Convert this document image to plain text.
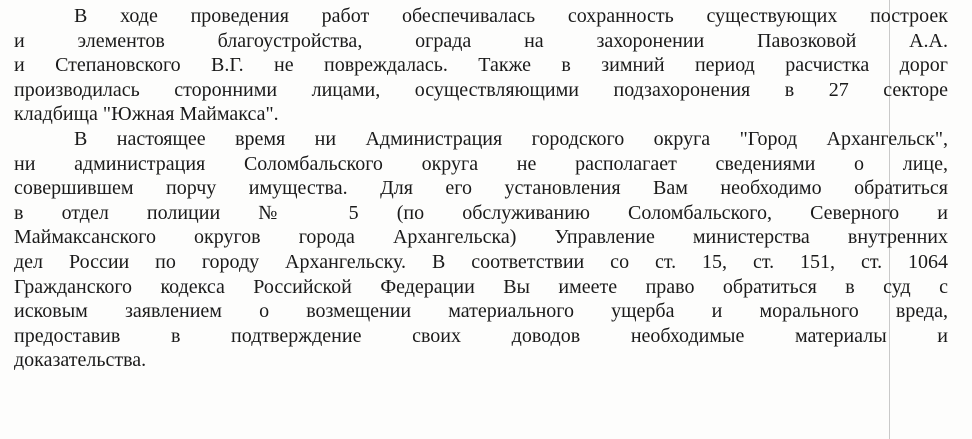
В ходе проведения работ обеспечивалась сохранность существующих построек
и элементов благоустройства, ограда на захоронении Павозковой А.А.
и Степановского В.Г. не повреждалась. Также в зимний период расчистка дорог
производилась сторонними лицами, осуществляющими подзахоронения в 27 секторе
кладбища "Южная Маймакса".
В настоящее время ни Администрация городского округа "Город Архангельск",
ни администрация Соломбальского округа не располагает сведениями о лице,
совершившем порчу имущества. Для его установления Вам необходимо обратиться
в отдел полиции № 5 (по обслуживанию Соломбальского, Северного и
Маймаксанского округов города Архангельска) Управление министерства внутренних
дел России по городу Архангельску. В соответствии со ст. 15, ст. 151, ст. 1064
Гражданского кодекса Российской Федерации Вы имеете право обратиться в суд с
исковым заявлением о возмещении материального ущерба и морального вреда,
предоставив в подтверждение своих доводов необходимые материалы и
доказательства.
